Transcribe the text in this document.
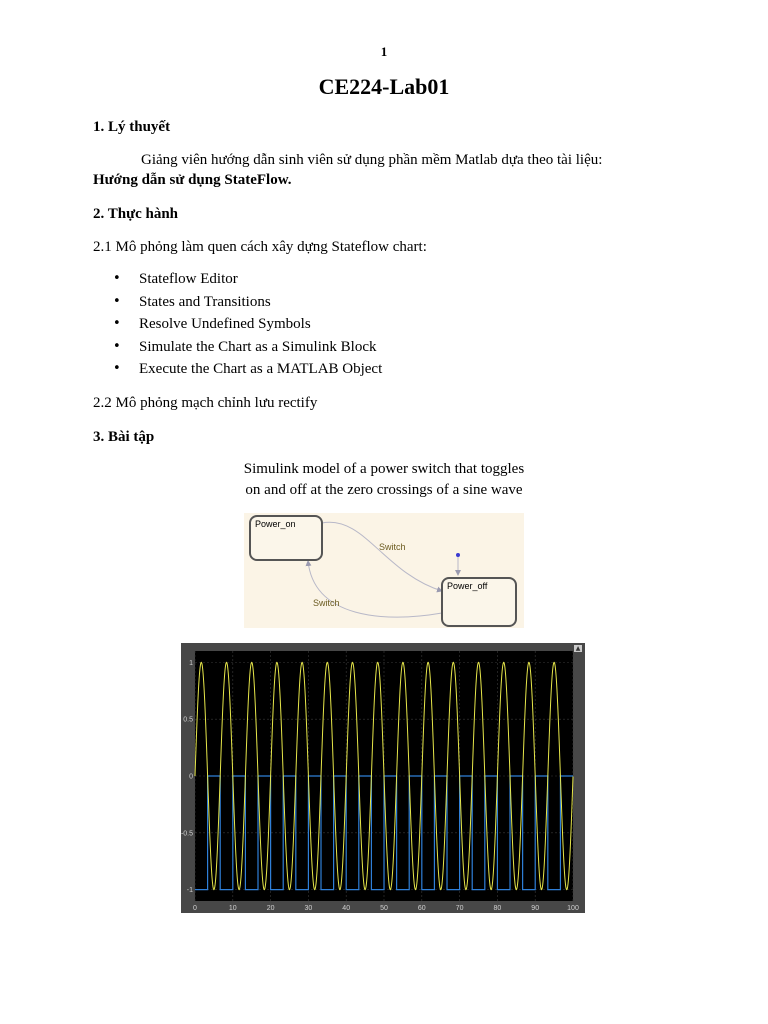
1
CE224-Lab01
1. Lý thuyết
Giảng viên hướng dẫn sinh viên sử dụng phần mềm Matlab dựa theo tài liệu:
Hướng dẫn sử dụng StateFlow.
2. Thực hành
2.1 Mô phỏng làm quen cách xây dựng Stateflow chart:
• Stateflow Editor
• States and Transitions
• Resolve Undefined Symbols
• Simulate the Chart as a Simulink Block
• Execute the Chart as a MATLAB Object
2.2 Mô phỏng mạch chỉnh lưu rectify
3. Bài tập
Simulink model of a power switch that toggles
on and off at the zero crossings of a sine wave
Power_on
Power_off
Switch
Switch
▲
0	10	20	30	40	50	60	70	80	90	100
1
0.5
0
-0.5
-1
